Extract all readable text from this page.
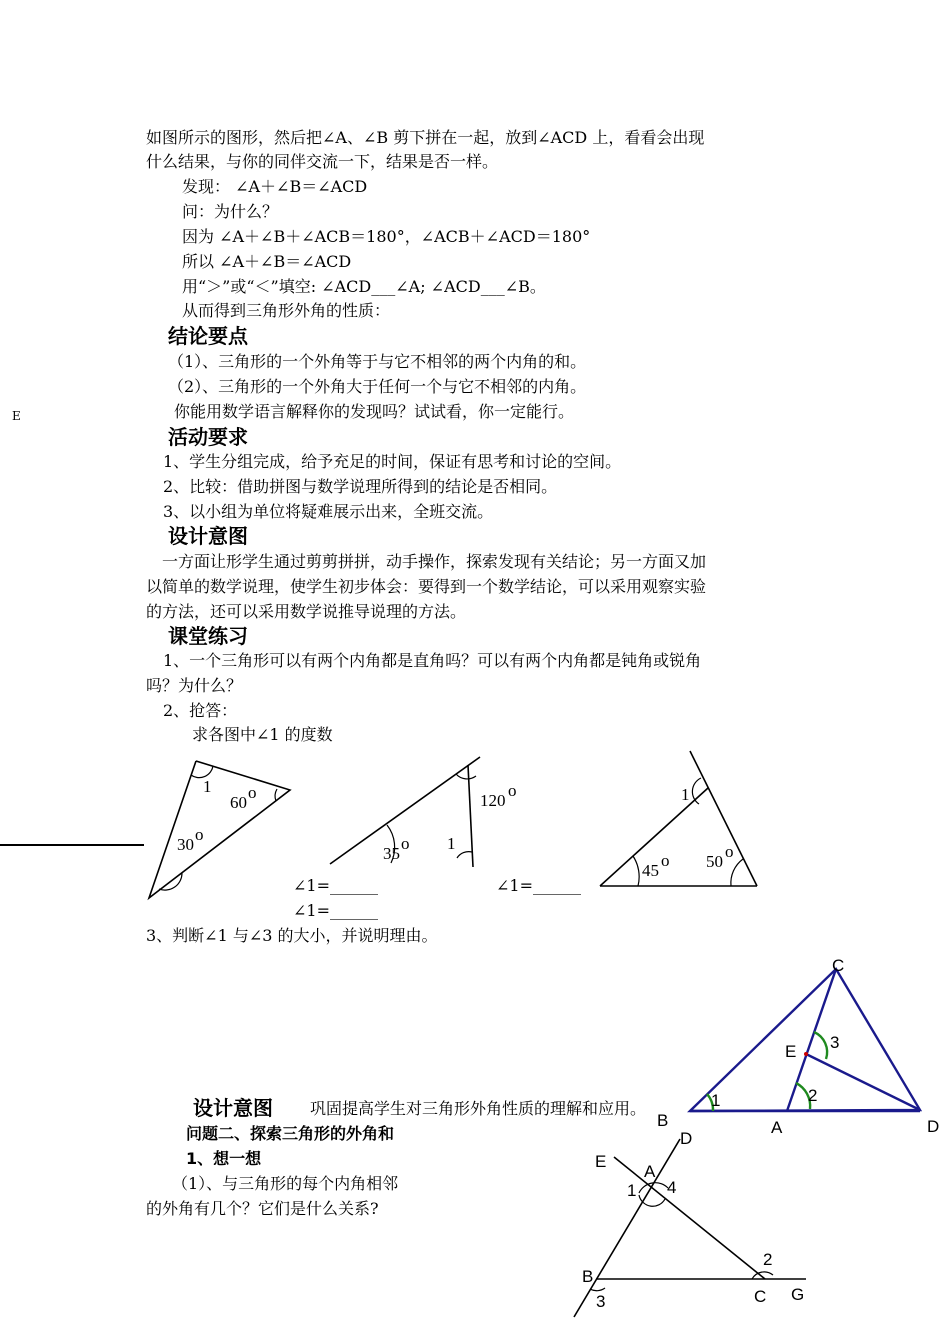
E
如图所示的图形，然后把∠A、∠B 剪下拼在一起，放到∠ACD 上，看看会出现
什么结果，与你的同伴交流一下，结果是否一样。
发现： ∠A＋∠B＝∠ACD
问：为什么？
因为 ∠A＋∠B＋∠ACB＝180°，∠ACB＋∠ACD＝180°
所以 ∠A＋∠B＝∠ACD
用“＞”或“＜”填空: ∠ACD___∠A; ∠ACD___∠B。
从而得到三角形外角的性质：
结论要点
（1）、三角形的一个外角等于与它不相邻的两个内角的和。
（2）、三角形的一个外角大于任何一个与它不相邻的内角。
你能用数学语言解释你的发现吗？试试看，你一定能行。
活动要求
1、学生分组完成，给予充足的时间，保证有思考和讨论的空间。
2、比较：借助拼图与数学说理所得到的结论是否相同。
3、以小组为单位将疑难展示出来，全班交流。
设计意图
一方面让形学生通过剪剪拼拼，动手操作，探索发现有关结论；另一方面又加
以简单的数学说理，使学生初步体会：要得到一个数学结论，可以采用观察实验
的方法，还可以采用数学说推导说理的方法。
课堂练习
1、一个三角形可以有两个内角都是直角吗？可以有两个内角都是钝角或锐角
吗？为什么？
2、抢答：
求各图中∠1 的度数
1
60
o
30
o
35
o
120
o
1
1
45
o 50
o
∠1=______	∠1=______
∠1=______
3、判断∠1 与∠3 的大小，并说明理由。
C
E 3
2
1
B	A	D
设计意图 巩固提高学生对三角形外角性质的理解和应用。
问题二、探索三角形的外角和
1、想一想
（1）、与三角形的每个内角相邻
的外角有几个？它们是什么关系?
D
E
A
1 4
B
3
2
C G
